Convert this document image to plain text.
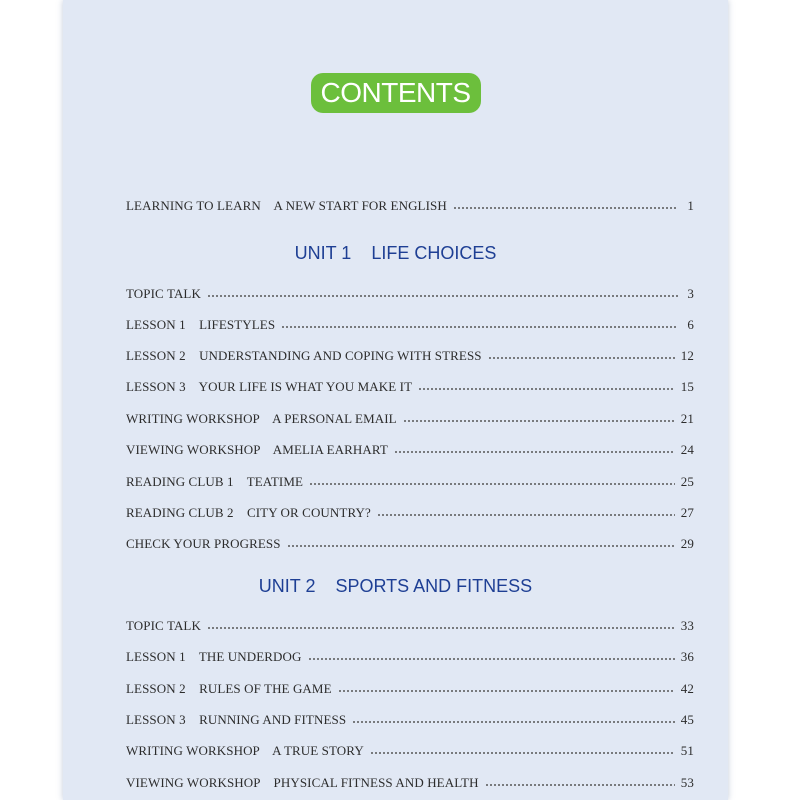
CONTENTS
LEARNING TO LEARN    A NEW START FOR ENGLISH	1
UNIT 1    LIFE CHOICES
TOPIC TALK	3
LESSON 1    LIFESTYLES	6
LESSON 2    UNDERSTANDING AND COPING WITH STRESS	12
LESSON 3    YOUR LIFE IS WHAT YOU MAKE IT	15
WRITING WORKSHOP    A PERSONAL EMAIL	21
VIEWING WORKSHOP    AMELIA EARHART	24
READING CLUB 1    TEATIME	25
READING CLUB 2    CITY OR COUNTRY?	27
CHECK YOUR PROGRESS	29
UNIT 2    SPORTS AND FITNESS
TOPIC TALK	33
LESSON 1    THE UNDERDOG	36
LESSON 2    RULES OF THE GAME	42
LESSON 3    RUNNING AND FITNESS	45
WRITING WORKSHOP    A TRUE STORY	51
VIEWING WORKSHOP    PHYSICAL FITNESS AND HEALTH	53
